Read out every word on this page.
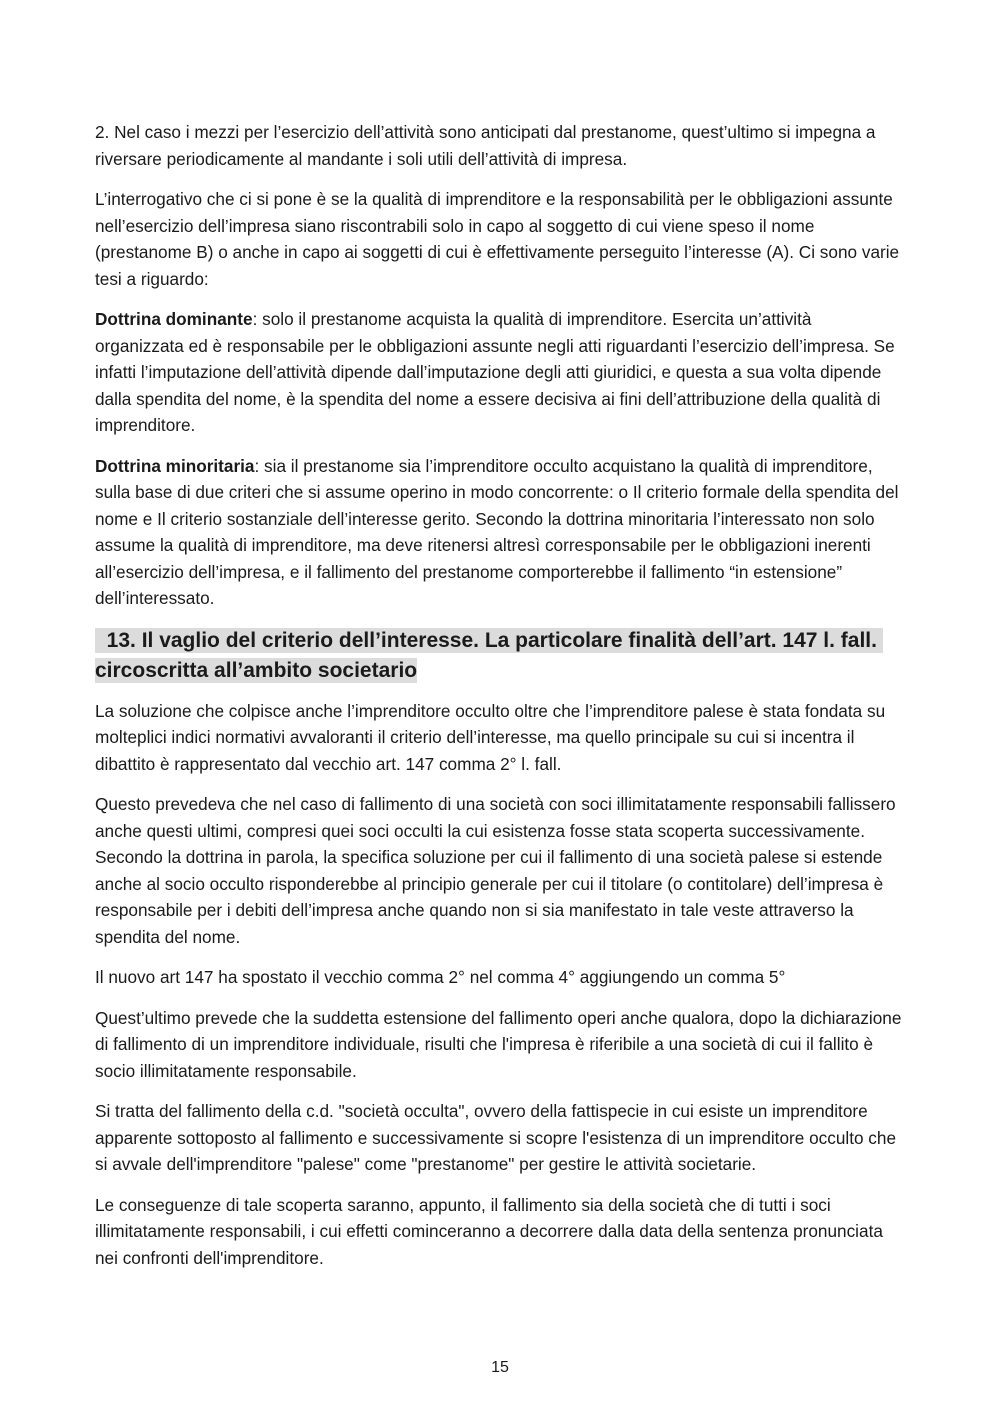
2. Nel caso i mezzi per l’esercizio dell’attività sono anticipati dal prestanome, quest’ultimo si impegna a riversare periodicamente al mandante i soli utili dell’attività di impresa.

L’interrogativo che ci si pone è se la qualità di imprenditore e la responsabilità per le obbligazioni assunte nell’esercizio dell’impresa siano riscontrabili solo in capo al soggetto di cui viene speso il nome (prestanome B) o anche in capo ai soggetti di cui è effettivamente perseguito l’interesse (A). Ci sono varie tesi a riguardo:

Dottrina dominante: solo il prestanome acquista la qualità di imprenditore. Esercita un’attività organizzata ed è responsabile per le obbligazioni assunte negli atti riguardanti l’esercizio dell’impresa. Se infatti l’imputazione dell’attività dipende dall’imputazione degli atti giuridici, e questa a sua volta dipende dalla spendita del nome, è la spendita del nome a essere decisiva ai fini dell’attribuzione della qualità di imprenditore.

Dottrina minoritaria: sia il prestanome sia l’imprenditore occulto acquistano la qualità di imprenditore, sulla base di due criteri che si assume operino in modo concorrente: o Il criterio formale della spendita del nome e Il criterio sostanziale dell’interesse gerito. Secondo la dottrina minoritaria l’interessato non solo assume la qualità di imprenditore, ma deve ritenersi altresì corresponsabile per le obbligazioni inerenti all’esercizio dell’impresa, e il fallimento del prestanome comporterebbe il fallimento “in estensione” dell’interessato.

13. Il vaglio del criterio dell’interesse. La particolare finalità dell’art. 147 l. fall. circoscritta all’ambito societario

La soluzione che colpisce anche l’imprenditore occulto oltre che l’imprenditore palese è stata fondata su molteplici indici normativi avvaloranti il criterio dell’interesse, ma quello principale su cui si incentra il dibattito è rappresentato dal vecchio art. 147 comma 2° l. fall.

Questo prevedeva che nel caso di fallimento di una società con soci illimitatamente responsabili fallissero anche questi ultimi, compresi quei soci occulti la cui esistenza fosse stata scoperta successivamente. Secondo la dottrina in parola, la specifica soluzione per cui il fallimento di una società palese si estende anche al socio occulto risponderebbe al principio generale per cui il titolare (o contitolare) dell’impresa è responsabile per i debiti dell’impresa anche quando non si sia manifestato in tale veste attraverso la spendita del nome.

Il nuovo art 147 ha spostato il vecchio comma 2° nel comma 4° aggiungendo un comma 5°

Quest’ultimo prevede che la suddetta estensione del fallimento operi anche qualora, dopo la dichiarazione di fallimento di un imprenditore individuale, risulti che l'impresa è riferibile a una società di cui il fallito è socio illimitatamente responsabile.

Si tratta del fallimento della c.d. "società occulta", ovvero della fattispecie in cui esiste un imprenditore apparente sottoposto al fallimento e successivamente si scopre l'esistenza di un imprenditore occulto che si avvale dell'imprenditore "palese" come "prestanome" per gestire le attività societarie.

Le conseguenze di tale scoperta saranno, appunto, il fallimento sia della società che di tutti i soci illimitatamente responsabili, i cui effetti cominceranno a decorrere dalla data della sentenza pronunciata nei confronti dell'imprenditore.

15
